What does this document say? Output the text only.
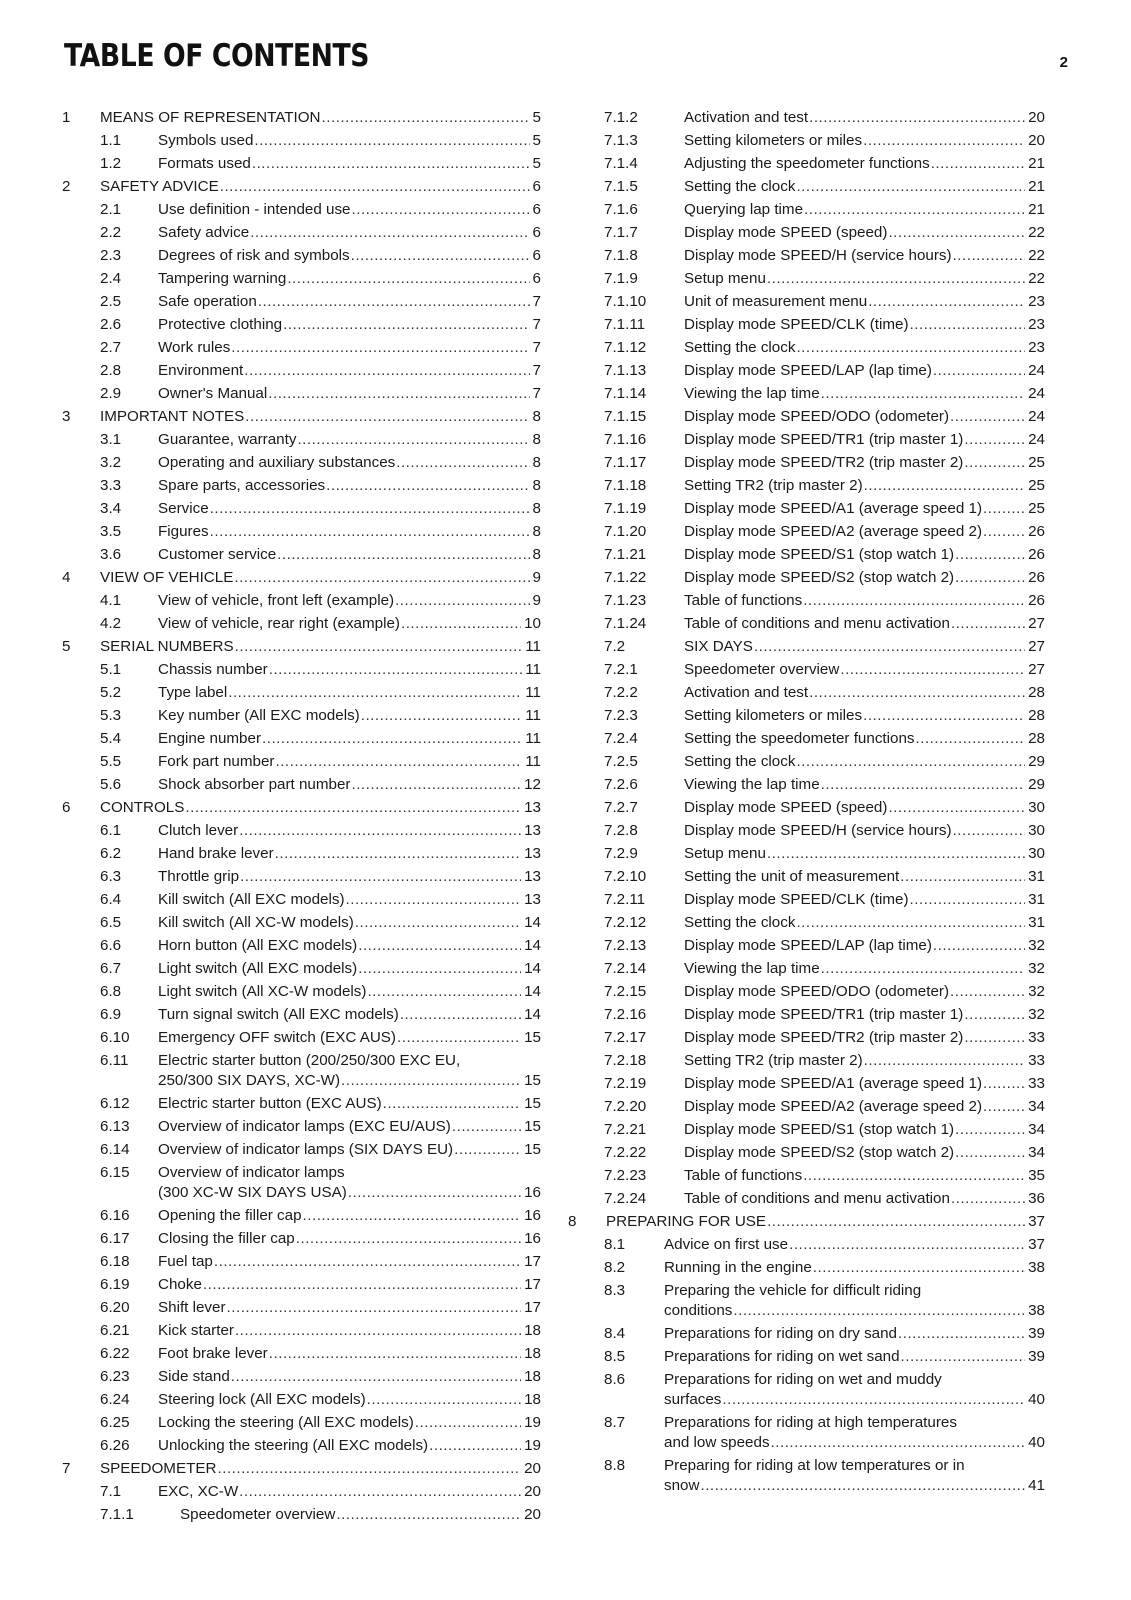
TABLE OF CONTENTS	2
1	MEANS OF REPRESENTATION .....	5
1.1	Symbols used .....	5
1.2	Formats used .....	5
2	SAFETY ADVICE .....	6
2.1	Use definition - intended use .....	6
2.2	Safety advice .....	6
2.3	Degrees of risk and symbols .....	6
2.4	Tampering warning .....	6
2.5	Safe operation .....	7
2.6	Protective clothing .....	7
2.7	Work rules .....	7
2.8	Environment .....	7
2.9	Owner's Manual .....	7
3	IMPORTANT NOTES .....	8
3.1	Guarantee, warranty .....	8
3.2	Operating and auxiliary substances .....	8
3.3	Spare parts, accessories .....	8
3.4	Service .....	8
3.5	Figures .....	8
3.6	Customer service .....	8
4	VIEW OF VEHICLE .....	9
4.1	View of vehicle, front left (example) .....	9
4.2	View of vehicle, rear right (example) .....	10
5	SERIAL NUMBERS .....	11
5.1	Chassis number .....	11
5.2	Type label .....	11
5.3	Key number (All EXC models) .....	11
5.4	Engine number .....	11
5.5	Fork part number .....	11
5.6	Shock absorber part number .....	12
6	CONTROLS .....	13
6.1	Clutch lever .....	13
6.2	Hand brake lever .....	13
6.3	Throttle grip .....	13
6.4	Kill switch (All EXC models) .....	13
6.5	Kill switch (All XC-W models) .....	14
6.6	Horn button (All EXC models) .....	14
6.7	Light switch (All EXC models) .....	14
6.8	Light switch (All XC-W models) .....	14
6.9	Turn signal switch (All EXC models) .....	14
6.10	Emergency OFF switch (EXC AUS) .....	15
6.11	Electric starter button (200/250/300 EXC EU,
250/300 SIX DAYS, XC-W) .....	15
6.12	Electric starter button (EXC AUS) .....	15
6.13	Overview of indicator lamps (EXC EU/AUS) .....	15
6.14	Overview of indicator lamps (SIX DAYS EU) .....	15
6.15	Overview of indicator lamps
(300 XC-W SIX DAYS USA) .....	16
6.16	Opening the filler cap .....	16
6.17	Closing the filler cap .....	16
6.18	Fuel tap .....	17
6.19	Choke .....	17
6.20	Shift lever .....	17
6.21	Kick starter .....	18
6.22	Foot brake lever .....	18
6.23	Side stand .....	18
6.24	Steering lock (All EXC models) .....	18
6.25	Locking the steering (All EXC models) .....	19
6.26	Unlocking the steering (All EXC models) .....	19
7	SPEEDOMETER .....	20
7.1	EXC, XC-W .....	20
7.1.1	Speedometer overview .....	20
7.1.2	Activation and test .....	20
7.1.3	Setting kilometers or miles .....	20
7.1.4	Adjusting the speedometer functions .....	21
7.1.5	Setting the clock .....	21
7.1.6	Querying lap time .....	21
7.1.7	Display mode SPEED (speed) .....	22
7.1.8	Display mode SPEED/H (service hours) .....	22
7.1.9	Setup menu .....	22
7.1.10	Unit of measurement menu .....	23
7.1.11	Display mode SPEED/CLK (time) .....	23
7.1.12	Setting the clock .....	23
7.1.13	Display mode SPEED/LAP (lap time) .....	24
7.1.14	Viewing the lap time .....	24
7.1.15	Display mode SPEED/ODO (odometer) .....	24
7.1.16	Display mode SPEED/TR1 (trip master 1) .....	24
7.1.17	Display mode SPEED/TR2 (trip master 2) .....	25
7.1.18	Setting TR2 (trip master 2) .....	25
7.1.19	Display mode SPEED/A1 (average speed 1) .....	25
7.1.20	Display mode SPEED/A2 (average speed 2) .....	26
7.1.21	Display mode SPEED/S1 (stop watch 1) .....	26
7.1.22	Display mode SPEED/S2 (stop watch 2) .....	26
7.1.23	Table of functions .....	26
7.1.24	Table of conditions and menu activation .....	27
7.2	SIX DAYS .....	27
7.2.1	Speedometer overview .....	27
7.2.2	Activation and test .....	28
7.2.3	Setting kilometers or miles .....	28
7.2.4	Setting the speedometer functions .....	28
7.2.5	Setting the clock .....	29
7.2.6	Viewing the lap time .....	29
7.2.7	Display mode SPEED (speed) .....	30
7.2.8	Display mode SPEED/H (service hours) .....	30
7.2.9	Setup menu .....	30
7.2.10	Setting the unit of measurement .....	31
7.2.11	Display mode SPEED/CLK (time) .....	31
7.2.12	Setting the clock .....	31
7.2.13	Display mode SPEED/LAP (lap time) .....	32
7.2.14	Viewing the lap time .....	32
7.2.15	Display mode SPEED/ODO (odometer) .....	32
7.2.16	Display mode SPEED/TR1 (trip master 1) .....	32
7.2.17	Display mode SPEED/TR2 (trip master 2) .....	33
7.2.18	Setting TR2 (trip master 2) .....	33
7.2.19	Display mode SPEED/A1 (average speed 1) .....	33
7.2.20	Display mode SPEED/A2 (average speed 2) .....	34
7.2.21	Display mode SPEED/S1 (stop watch 1) .....	34
7.2.22	Display mode SPEED/S2 (stop watch 2) .....	34
7.2.23	Table of functions .....	35
7.2.24	Table of conditions and menu activation .....	36
8	PREPARING FOR USE .....	37
8.1	Advice on first use .....	37
8.2	Running in the engine .....	38
8.3	Preparing the vehicle for difficult riding
conditions .....	38
8.4	Preparations for riding on dry sand .....	39
8.5	Preparations for riding on wet sand .....	39
8.6	Preparations for riding on wet and muddy
surfaces .....	40
8.7	Preparations for riding at high temperatures
and low speeds .....	40
8.8	Preparing for riding at low temperatures or in
snow .....	41
